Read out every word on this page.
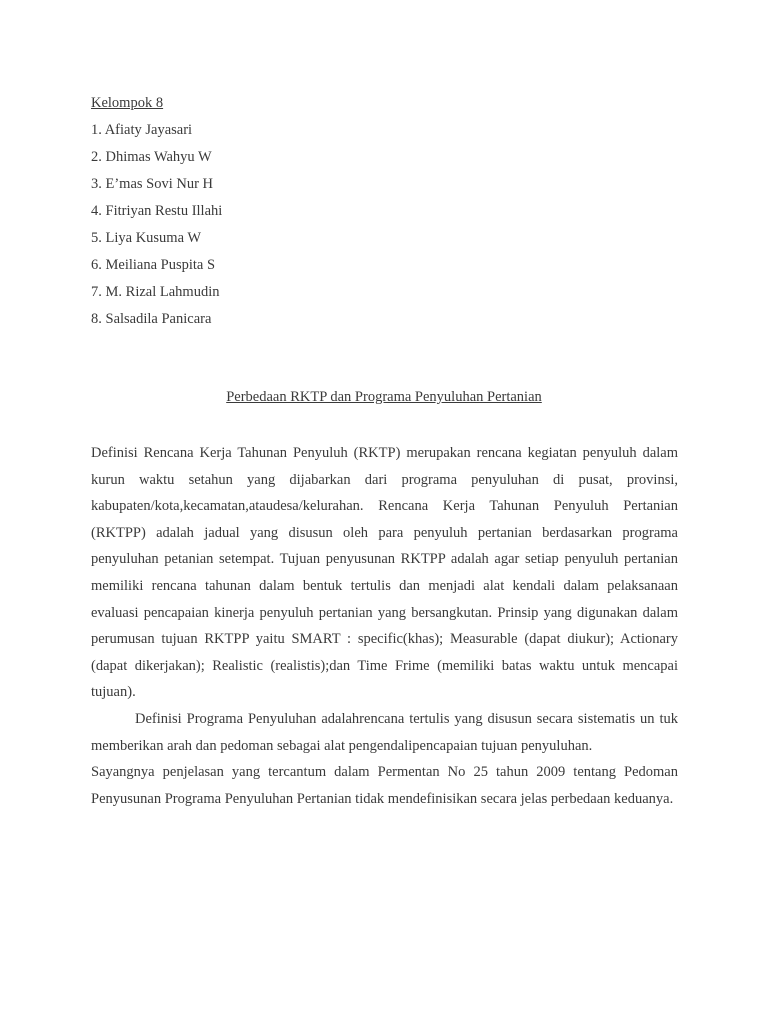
Kelompok 8
1. Afiaty Jayasari
2. Dhimas Wahyu W
3. E’mas Sovi Nur H
4. Fitriyan Restu Illahi
5. Liya Kusuma W
6. Meiliana Puspita S
7. M. Rizal Lahmudin
8. Salsadila Panicara
Perbedaan RKTP dan Programa Penyuluhan Pertanian

Definisi Rencana Kerja Tahunan Penyuluh (RKTP) merupakan rencana kegiatan penyuluh dalam kurun waktu setahun yang dijabarkan dari programa penyuluhan di pusat, provinsi, kabupaten/kota,kecamatan,ataudesa/kelurahan. Rencana Kerja Tahunan Penyuluh Pertanian (RKTPP) adalah jadual yang disusun oleh para penyuluh pertanian berdasarkan programa penyuluhan petanian setempat. Tujuan penyusunan RKTPP adalah agar setiap penyuluh pertanian memiliki rencana tahunan dalam bentuk tertulis dan menjadi alat kendali dalam pelaksanaan evaluasi pencapaian kinerja penyuluh pertanian yang bersangkutan. Prinsip yang digunakan dalam perumusan tujuan RKTPP yaitu SMART : specific(khas); Measurable (dapat diukur); Actionary (dapat dikerjakan); Realistic (realistis);dan Time Frime (memiliki batas waktu untuk mencapai tujuan).

Definisi Programa Penyuluhan adalahrencana tertulis yang disusun secara sistematis un tuk memberikan arah dan pedoman sebagai alat pengendalipencapaian tujuan penyuluhan.

Sayangnya penjelasan yang tercantum dalam Permentan No 25 tahun 2009 tentang Pedoman Penyusunan Programa Penyuluhan Pertanian tidak mendefinisikan secara jelas perbedaan keduanya.
